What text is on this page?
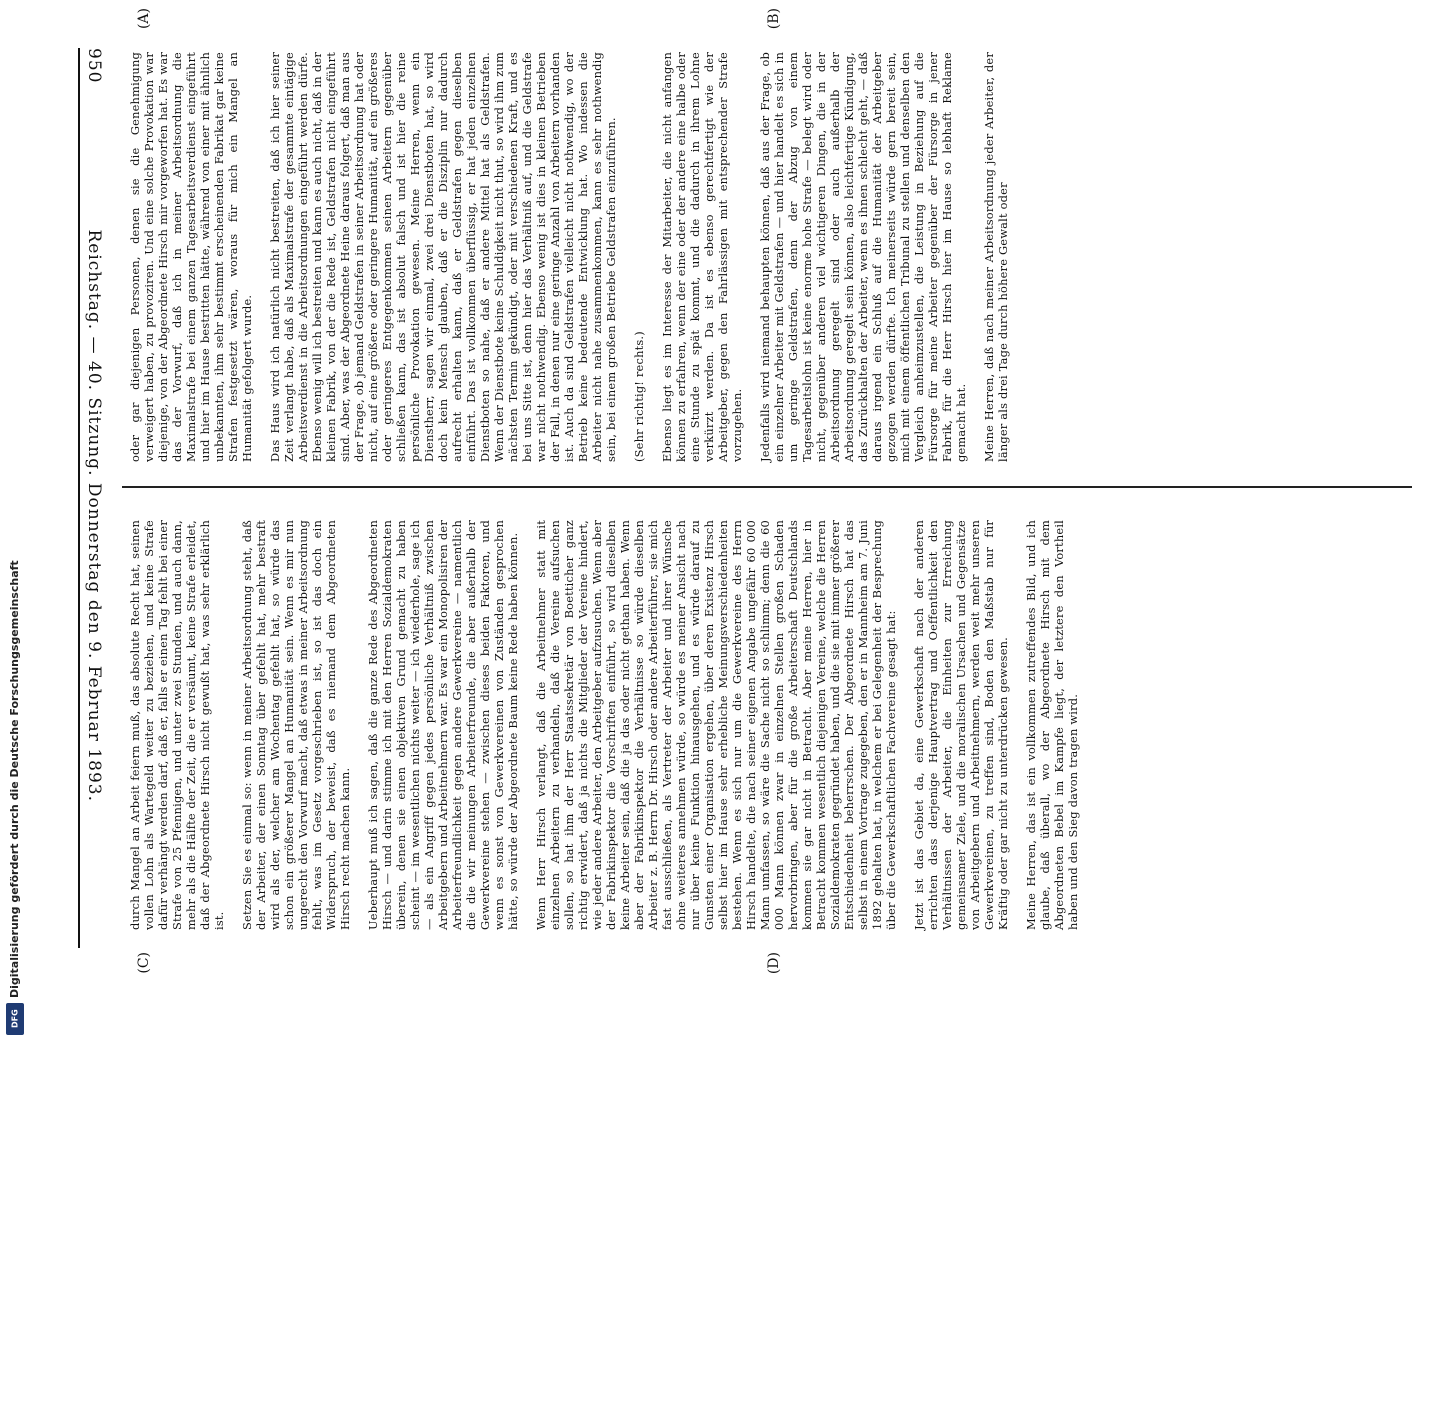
950
Reichstag. — 40. Sitzung. Donnerstag den 9. Februar 1893.
(A)	(B)
(C)	(D)
oder gar diejenigen Personen, denen sie die Genehmigung verweigert haben, zu provoziren. Und eine solche Provokation war diejenige, von der Abgeordnete Hirsch mir vorgeworfen hat. Es war das der Vorwurf, daß ich in meiner Arbeitsordnung die Maximalstrafe bei einem ganzen Tagesarbeitsverdienst eingeführt und hier im Hause bestritten hätte, während von einer mit ähnlich unbekannten, ihm sehr bestimmt erscheinenden Fabrikat gar keine Strafen festgesetzt wären, woraus für mich ein Mangel an Humanität gefolgert wurde.

Das Haus wird ich natürlich nicht bestreiten, daß ich hier seiner Zeit verlangt habe, daß als Maximalstrafe der gesammte eintägige Arbeitsverdienst in die Arbeitsordnungen eingeführt werden dürfe. Ebenso wenig will ich bestreiten und kann es auch nicht, daß in der kleinen Fabrik, von der die Rede ist, Geldstrafen nicht eingeführt sind. Aber, was der Abgeordnete Heine daraus folgert, daß man aus der Frage, ob jemand Geldstrafen in seiner Arbeitsordnung hat oder nicht, auf eine größere oder geringere Humanität, auf ein größeres oder geringeres Entgegenkommen seinen Arbeitern gegenüber schließen kann, das ist absolut falsch und ist hier die reine persönliche Provokation gewesen. Meine Herren, wenn ein Dienstherr, sagen wir einmal, zwei drei Dienstboten hat, so wird doch kein Mensch glauben, daß er die Disziplin nur dadurch aufrecht erhalten kann, daß er Geldstrafen gegen dieselben einführt. Das ist vollkommen überflüssig, er hat jeden einzelnen Dienstboten so nahe, daß er andere Mittel hat als Geldstrafen. Wenn der Dienstbote keine Schuldigkeit nicht thut, so wird ihm zum nächsten Termin gekündigt, oder mit verschiedenen Kraft, und es bei uns Sitte ist, denn hier das Verhältniß auf, und die Geldstrafe war nicht nothwendig. Ebenso wenig ist dies in kleinen Betrieben der Fall, in denen nur eine geringe Anzahl von Arbeitern vorhanden ist. Auch da sind Geldstrafen vielleicht nicht nothwendig, wo der Betrieb keine bedeutende Entwicklung hat. Wo indessen die Arbeiter nicht nahe zusammenkommen, kann es sehr nothwendig sein, bei einem großen Betriebe Geldstrafen einzuführen.

(Sehr richtig! rechts.)

Ebenso liegt es im Interesse der Mitarbeiter, die nicht anfangen können zu erfahren, wenn der eine oder der andere eine halbe oder eine Stunde zu spät kommt, und die dadurch in ihrem Lohne verkürzt werden. Da ist es ebenso gerechtfertigt wie der Arbeitgeber, gegen den Fahrlässigen mit entsprechender Strafe vorzugehen.

Jedenfalls wird niemand behaupten können, daß aus der Frage, ob ein einzelner Arbeiter mit Geldstrafen — und hier handelt es sich in um geringe Geldstrafen, denn der Abzug von einem Tagesarbeitslohn ist keine enorme hohe Strafe — belegt wird oder nicht, gegenüber anderen viel wichtigeren Dingen, die in der Arbeitsordnung geregelt sind oder auch außerhalb der Arbeitsordnung geregelt sein können, also leichtfertige Kündigung, das Zurückhalten der Arbeiter, wenn es ihnen schlecht geht, — daß daraus irgend ein Schluß auf die Humanität der Arbeitgeber gezogen werden dürfte. Ich meinerseits würde gern bereit sein, mich mit einem öffentlichen Tribunal zu stellen und denselben den Vergleich anheimzustellen, die Leistung in Beziehung auf die Fürsorge für meine Arbeiter gegenüber der Fürsorge in jener Fabrik, für die Herr Hirsch hier im Hause so lebhaft Reklame gemacht hat.

Meine Herren, daß nach meiner Arbeitsordnung jeder Arbeiter, der länger als drei Tage durch höhere Gewalt oder
durch Mangel an Arbeit feiern muß, das absolute Recht hat, seinen vollen Lohn als Wartegeld weiter zu beziehen, und keine Strafe dafür verhängt werden darf, daß er, falls er einen Tag fehlt bei einer Strafe von 25 Pfennigen, und unter zwei Stunden, und auch dann, mehr als die Hälfte der Zeit, die er versäumt, keine Strafe erleidet, daß der Abgeordnete Hirsch nicht gewußt hat, was sehr erklärlich ist.

Setzen Sie es einmal so: wenn in meiner Arbeitsordnung steht, daß der Arbeiter, der einen Sonntag über gefehlt hat, mehr bestraft wird als der, welcher am Wochentag gefehlt hat, so würde das schon ein größerer Mangel an Humanität sein. Wenn es mir nun ungerecht den Vorwurf macht, daß etwas in meiner Arbeitsordnung fehlt, was im Gesetz vorgeschrieben ist, so ist das doch ein Widerspruch, der beweist, daß es niemand dem Abgeordneten Hirsch recht machen kann.

Ueberhaupt muß ich sagen, daß die ganze Rede des Abgeordneten Hirsch — und darin stimme ich mit den Herren Sozialdemokraten überein, denen sie einen objektiven Grund gemacht zu haben scheint — im wesentlichen nichts weiter — ich wiederhole, sage ich — als ein Angriff gegen jedes persönliche Verhältniß zwischen Arbeitgebern und Arbeitnehmern war. Es war ein Monopolisiren der Arbeiterfreundlichkeit gegen andere Gewerkvereine — namentlich die die wir meinungen Arbeiterfreunde, die aber außerhalb der Gewerkvereine stehen — zwischen dieses beiden Faktoren, und wenn es sonst von Gewerkvereinen von Zuständen gesprochen hätte, so würde der Abgeordnete Baum keine Rede haben können.

Wenn Herr Hirsch verlangt, daß die Arbeitnehmer statt mit einzelnen Arbeitern zu verhandeln, daß die Vereine aufsuchen sollen, so hat ihm der Herr Staatssekretär von Boetticher ganz richtig erwidert, daß ja nichts die Mitglieder der Vereine hindert, wie jeder andere Arbeiter, den Arbeitgeber aufzusuchen. Wenn aber der Fabrikinspektor die Vorschriften einführt, so wird dieselben keine Arbeiter sein, daß die ja das oder nicht gethan haben. Wenn aber der Fabrikinspektor die Verhältnisse so würde dieselben Arbeiter z. B. Herrn Dr. Hirsch oder andere Arbeiterführer, sie mich fast ausschließen, als Vertreter der Arbeiter und ihrer Wünsche ohne weiteres annehmen würde, so würde es meiner Ansicht nach nur über keine Funktion hinausgehen, und es würde darauf zu Gunsten einer Organisation ergehen, über deren Existenz Hirsch selbst hier im Hause sehr erhebliche Meinungsverschiedenheiten bestehen. Wenn es sich nur um die Gewerkvereine des Herrn Hirsch handelte, die nach seiner eigenen Angabe ungefähr 60 000 Mann umfassen, so wäre die Sache nicht so schlimm; denn die 60 000 Mann können zwar in einzelnen Stellen großen Schaden hervorbringen, aber für die große Arbeiterschaft Deutschlands kommen sie gar nicht in Betracht. Aber meine Herren, hier in Betracht kommen wesentlich diejenigen Vereine, welche die Herren Sozialdemokraten gegründet haben, und die sie mit immer größerer Entschiedenheit beherrschen. Der Abgeordnete Hirsch hat das selbst in einem Vortrage zugegeben, den er in Mannheim am 7. Juni 1892 gehalten hat, in welchem er bei Gelegenheit der Besprechung über die Gewerkschaftlichen Fachvereine gesagt hat:

Jetzt ist das Gebiet da, eine Gewerkschaft nach der anderen errichten dass derjenige Hauptvertrag und Oeffentlichkeit den Verhältnissen der Arbeiter, die Einheiten zur Erreichung gemeinsamer Ziele, und die moralischen Ursachen und Gegensätze von Arbeitgebern und Arbeitnehmern, werden weit mehr unseren Gewerkvereinen, zu treffen sind, Boden den Maßstab nur für Kräftig oder gar nicht zu unterdrücken gewesen.

Meine Herren, das ist ein vollkommen zutreffendes Bild, und ich glaube, daß überall, wo der Abgeordnete Hirsch mit dem Abgeordneten Bebel im Kampfe liegt, der letztere den Vortheil haben und den Sieg davon tragen wird.
Digitalisierung gefördert durch die Deutsche Forschungsgemeinschaft
DFG
